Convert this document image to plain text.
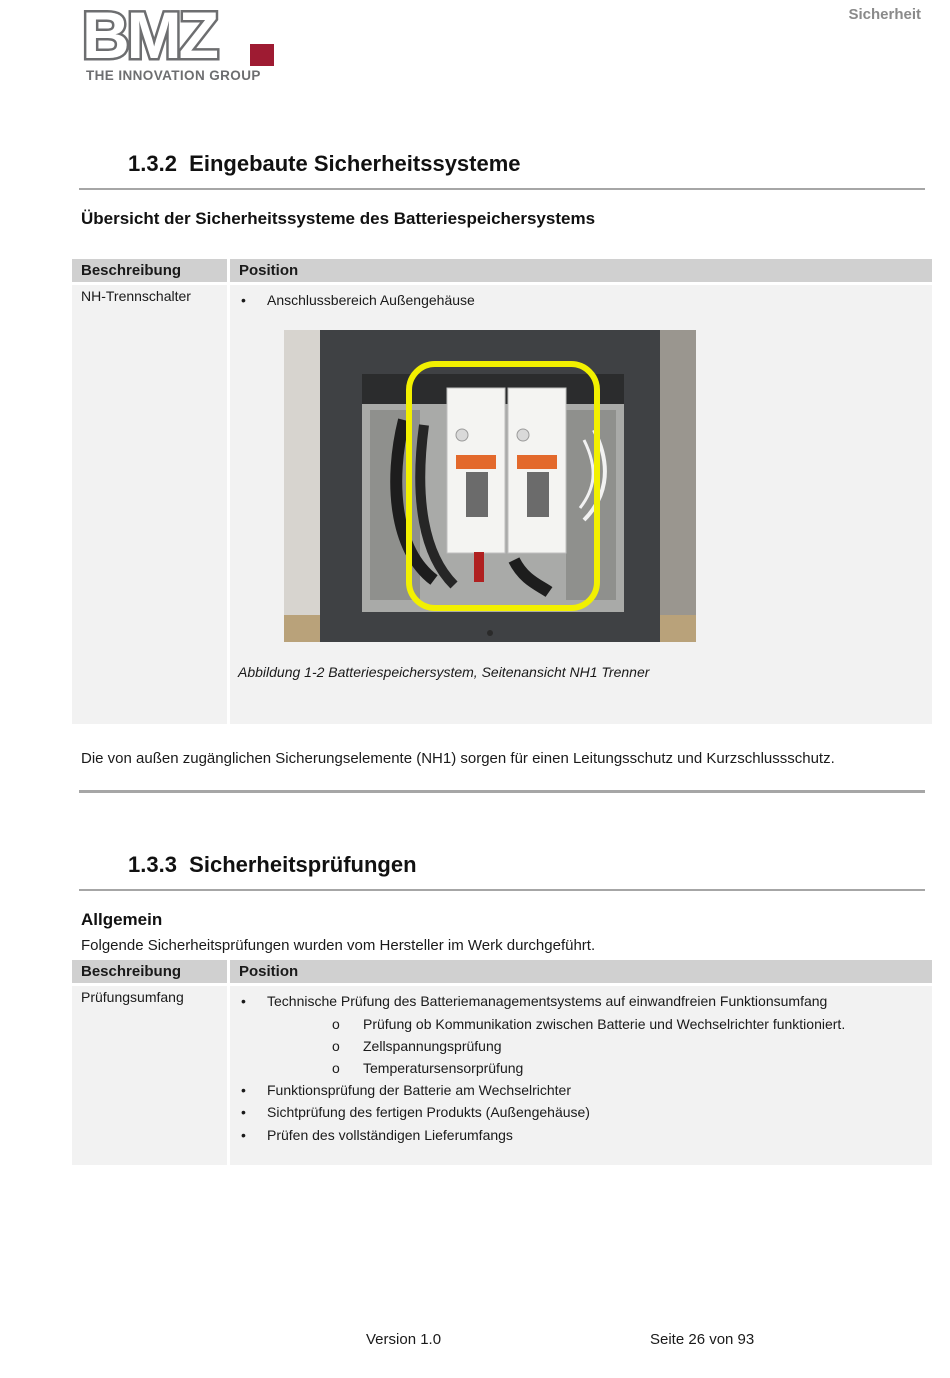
BMZ
THE INNOVATION GROUP
Sicherheit
1.3.2 Eingebaute Sicherheitssysteme
Übersicht der Sicherheitssysteme des Batteriespeichersystems
Beschreibung	Position
NH-Trennschalter	• Anschlussbereich Außengehäuse
Abbildung 1-2 Batteriespeichersystem, Seitenansicht NH1 Trenner
Die von außen zugänglichen Sicherungselemente (NH1) sorgen für einen Leitungsschutz und Kurzschlussschutz.
1.3.3 Sicherheitsprüfungen
Allgemein
Folgende Sicherheitsprüfungen wurden vom Hersteller im Werk durchgeführt.
Beschreibung	Position
Prüfungsumfang	• Technische Prüfung des Batteriemanagementsystems auf einwandfreien Funktionsumfang
o Prüfung ob Kommunikation zwischen Batterie und Wechselrichter funktioniert.
o Zellspannungsprüfung
o Temperatursensorprüfung
• Funktionsprüfung der Batterie am Wechselrichter
• Sichtprüfung des fertigen Produkts (Außengehäuse)
• Prüfen des vollständigen Lieferumfangs
Version 1.0	Seite 26 von 93
